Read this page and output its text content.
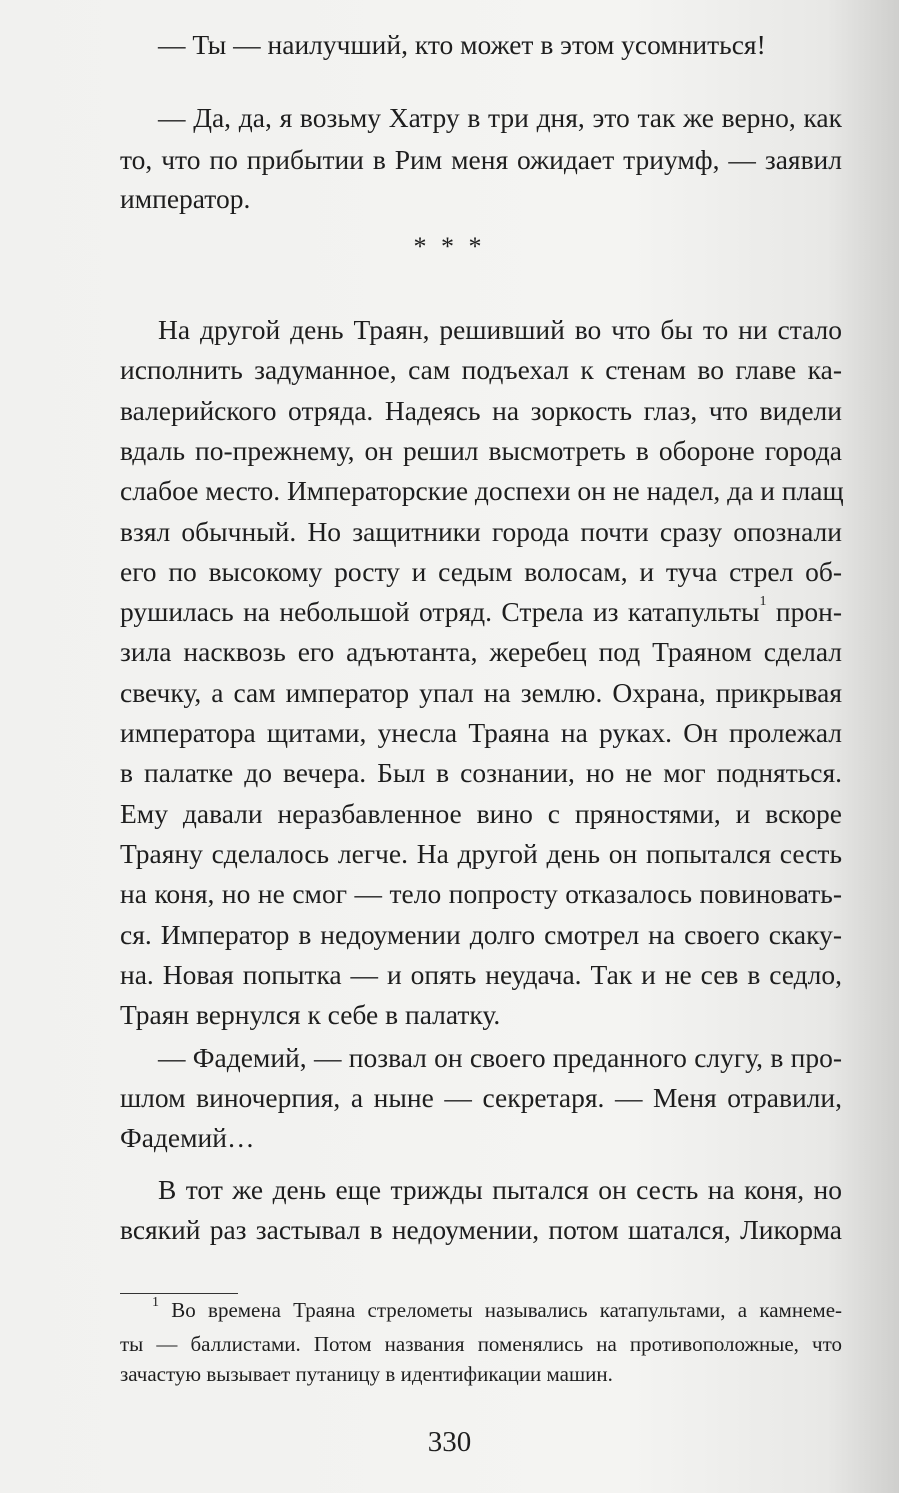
— Ты — наилучший, кто может в этом усомниться!
— Да, да, я возьму Хатру в три дня, это так же верно, как
то, что по прибытии в Рим меня ожидает триумф, — заявил
император.
* * *
На другой день Траян, решивший во что бы то ни стало
исполнить задуманное, сам подъехал к стенам во главе ка-
валерийского отряда. Надеясь на зоркость глаз, что видели
вдаль по-прежнему, он решил высмотреть в обороне города
слабое место. Императорские доспехи он не надел, да и плащ
взял обычный. Но защитники города почти сразу опознали
его по высокому росту и седым волосам, и туча стрел об-
рушилась на небольшой отряд. Стрела из катапульты$^1$ прон-
зила насквозь его адъютанта, жеребец под Траяном сделал
свечку, а сам император упал на землю. Охрана, прикрывая
императора щитами, унесла Траяна на руках. Он пролежал
в палатке до вечера. Был в сознании, но не мог подняться.
Ему давали неразбавленное вино с пряностями, и вскоре
Траяну сделалось легче. На другой день он попытался сесть
на коня, но не смог — тело попросту отказалось повиновать-
ся. Император в недоумении долго смотрел на своего скаку-
на. Новая попытка — и опять неудача. Так и не сев в седло,
Траян вернулся к себе в палатку.
— Фадемий, — позвал он своего преданного слугу, в про-
шлом виночерпия, а ныне — секретаря. — Меня отравили,
Фадемий…
В тот же день еще трижды пытался он сесть на коня, но
всякий раз застывал в недоумении, потом шатался, Ликорма
$^1$ Во времена Траяна стрелометы назывались катапультами, а камнеме-
ты — баллистами. Потом названия поменялись на противоположные, что
зачастую вызывает путаницу в идентификации машин.
330
